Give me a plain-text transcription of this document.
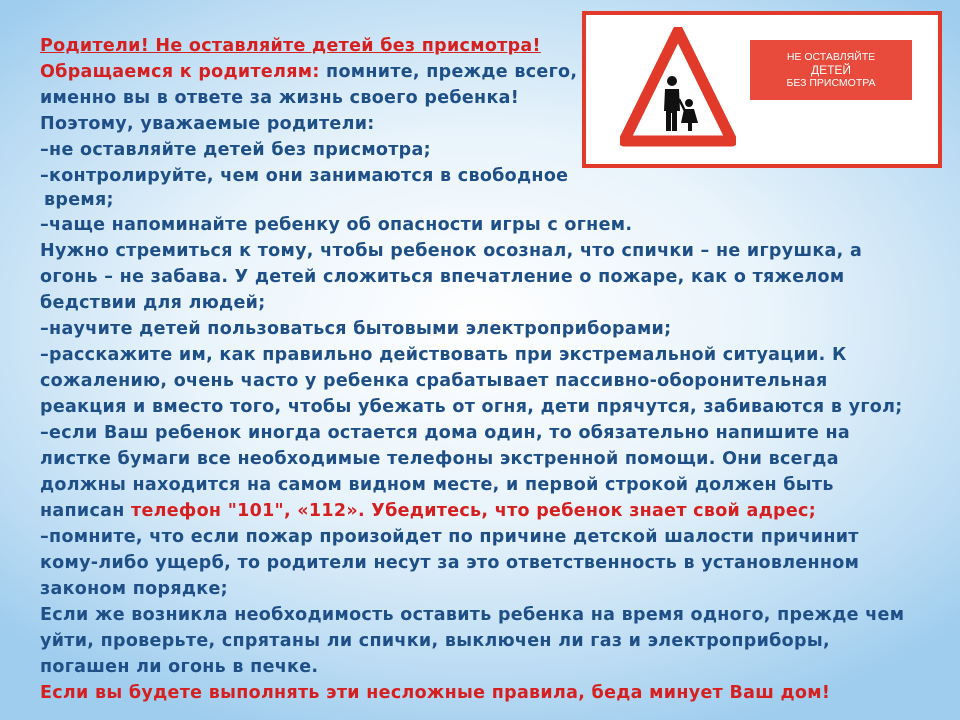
НЕ ОСТАВЛЯЙТЕ
ДЕТЕЙ
БЕЗ ПРИСМОТРА
Родители! Не оставляйте детей без присмотра!
Обращаемся к родителям: помните, прежде всего,
именно вы в ответе за жизнь своего ребенка!
Поэтому, уважаемые родители:
–не оставляйте детей без присмотра;
–контролируйте, чем они занимаются в свободное
время;
–чаще напоминайте ребенку об опасности игры с огнем.
Нужно стремиться к тому, чтобы ребенок осознал, что спички – не игрушка, а
огонь – не забава. У детей сложиться впечатление о пожаре, как о тяжелом
бедствии для людей;
–научите детей пользоваться бытовыми электроприборами;
–расскажите им, как правильно действовать при экстремальной ситуации. К
сожалению, очень часто у ребенка срабатывает пассивно-оборонительная
реакция и вместо того, чтобы убежать от огня, дети прячутся, забиваются в угол;
–если Ваш ребенок иногда остается дома один, то обязательно напишите на
листке бумаги все необходимые телефоны экстренной помощи. Они всегда
должны находится на самом видном месте, и первой строкой должен быть
написан телефон "101", «112». Убедитесь, что ребенок знает свой адрес;
–помните, что если пожар произойдет по причине детской шалости причинит
кому-либо ущерб, то родители несут за это ответственность в установленном
законом порядке;
Если же возникла необходимость оставить ребенка на время одного, прежде чем
уйти, проверьте, спрятаны ли спички, выключен ли газ и электроприборы,
погашен ли огонь в печке.
Если вы будете выполнять эти несложные правила, беда минует Ваш дом!
